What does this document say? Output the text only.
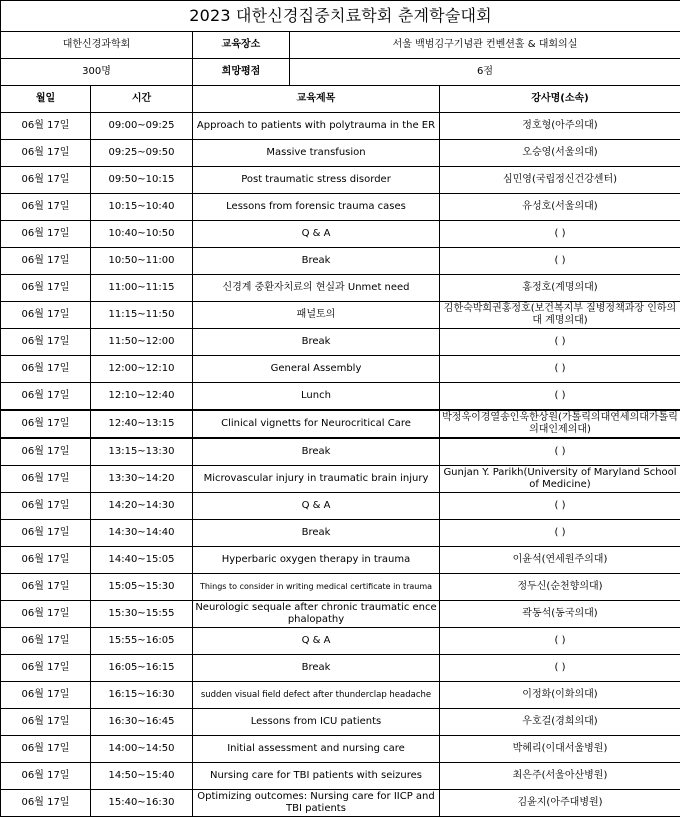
2023 대한신경집중치료학회 춘계학술대회				
대한신경과학회		교육장소	서울 백범김구기념관 컨벤션홀 & 대회의실	
300명		희망평점	6점	
월일	시간	교육제목		강사명(소속)
06월 17일	09:00~09:25	Approach to patients with polytrauma in the ER		정호형(아주의대)
06월 17일	09:25~09:50	Massive transfusion		오승영(서울의대)
06월 17일	09:50~10:15	Post traumatic stress disorder		심민영(국립정신건강센터)
06월 17일	10:15~10:40	Lessons from forensic trauma cases		유성호(서울의대)
06월 17일	10:40~10:50	Q & A		( )
06월 17일	10:50~11:00	Break		( )
06월 17일	11:00~11:15	신경계 중환자치료의 현실과 Unmet need		홍정호(계명의대)
06월 17일	11:15~11:50	패널토의		김한숙박희권홍정호(보건복지부 질병정책과장 인하의대 계명의대)
06월 17일	11:50~12:00	Break		( )
06월 17일	12:00~12:10	General Assembly		( )
06월 17일	12:10~12:40	Lunch		( )
06월 17일	12:40~13:15	Clinical vignetts for Neurocritical Care		박정욱이경열송인욱한상원(가톨릭의대연세의대가톨릭의대인제의대)
06월 17일	13:15~13:30	Break		( )
06월 17일	13:30~14:20	Microvascular injury in traumatic brain injury		Gunjan Y. Parikh(University of Maryland School of Medicine)
06월 17일	14:20~14:30	Q & A		( )
06월 17일	14:30~14:40	Break		( )
06월 17일	14:40~15:05	Hyperbaric oxygen therapy in trauma		이윤석(연세원주의대)
06월 17일	15:05~15:30	Things to consider in writing medical certificate in trauma		정두신(순천향의대)
06월 17일	15:30~15:55	Neurologic sequale after chronic traumatic encephalopathy		곽동석(동국의대)
06월 17일	15:55~16:05	Q & A		( )
06월 17일	16:05~16:15	Break		( )
06월 17일	16:15~16:30	sudden visual field defect after thunderclap headache		이정화(이화의대)
06월 17일	16:30~16:45	Lessons from ICU patients		우호걸(경희의대)
06월 17일	14:00~14:50	Initial assessment and nursing care		박혜리(이대서울병원)
06월 17일	14:50~15:40	Nursing care for TBI patients with seizures		최은주(서울아산병원)
06월 17일	15:40~16:30	Optimizing outcomes: Nursing care for IICP and TBI patients		김윤지(아주대병원)
